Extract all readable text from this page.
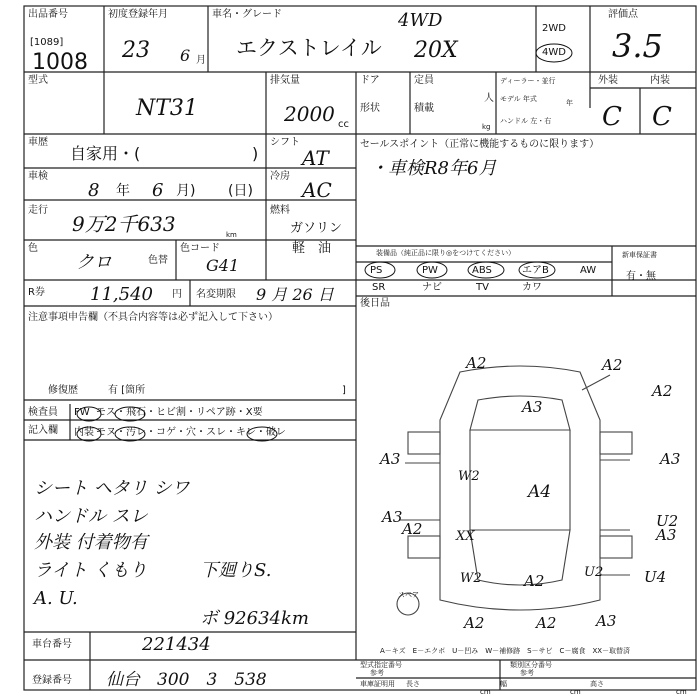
出品番号
[1089]
1008
初度登録年月
23 6 月
車名・グレード	4WD
エクストレイル 20X
2WD
4WD
評価点
3.5
型式
NT31
排気量
2000 cc
ドア
形状
定員
積載
人
kg
ディーラー・並行
モデル 年式	年
ハンドル 左・右
外装	内装
C C
車歴
自家用・(	)
シフト
AT
車検
8 年 6 月) (日)
冷房
AC
走行
9万2千633	km
燃料
ガソリン
軽　油
色
クロ	色替
色コード
G41
R券	11,540 円 名変期限 9 月 26 日
セールスポイント（正常に機能するものに限ります）
・車検R8年6月
装備品（純正品に限り◎をつけてください）
PS	PW	ABS	エアB	AW
SR	ナビ	TV	カワ
新車保証書
有・無
後日品
注意事項申告欄（不具合内容等は必ず記入して下さい）
修復歴	有 [箇所	]
検査員
記入欄
FW モス・飛石・ヒビ割・リペア跡・X要
内装 モヌ・汚レ・コゲ・穴・スレ・キレ・破レ
シート ヘタリ シワ
ハンドル スレ
外装 付着物有
ライト くもり
A. U.
下廻りS.
ボ 92634km
A2	A2
A2
A3
A3	A3
W2
A4
A3
A2	XX
U2
A3
W2	A2	U2	U4
A2	A2	A3
スペア
A－キズ　E－エクボ　U－凹み　W－補修跡　S－サビ　C－腐食　XX－取替済
車台番号	221434
登録番号 仙台　300　3　538
型式指定番号
参考
類別区分番号
参考
車庫証明用 長さ
cm
幅
cm
高さ
cm
